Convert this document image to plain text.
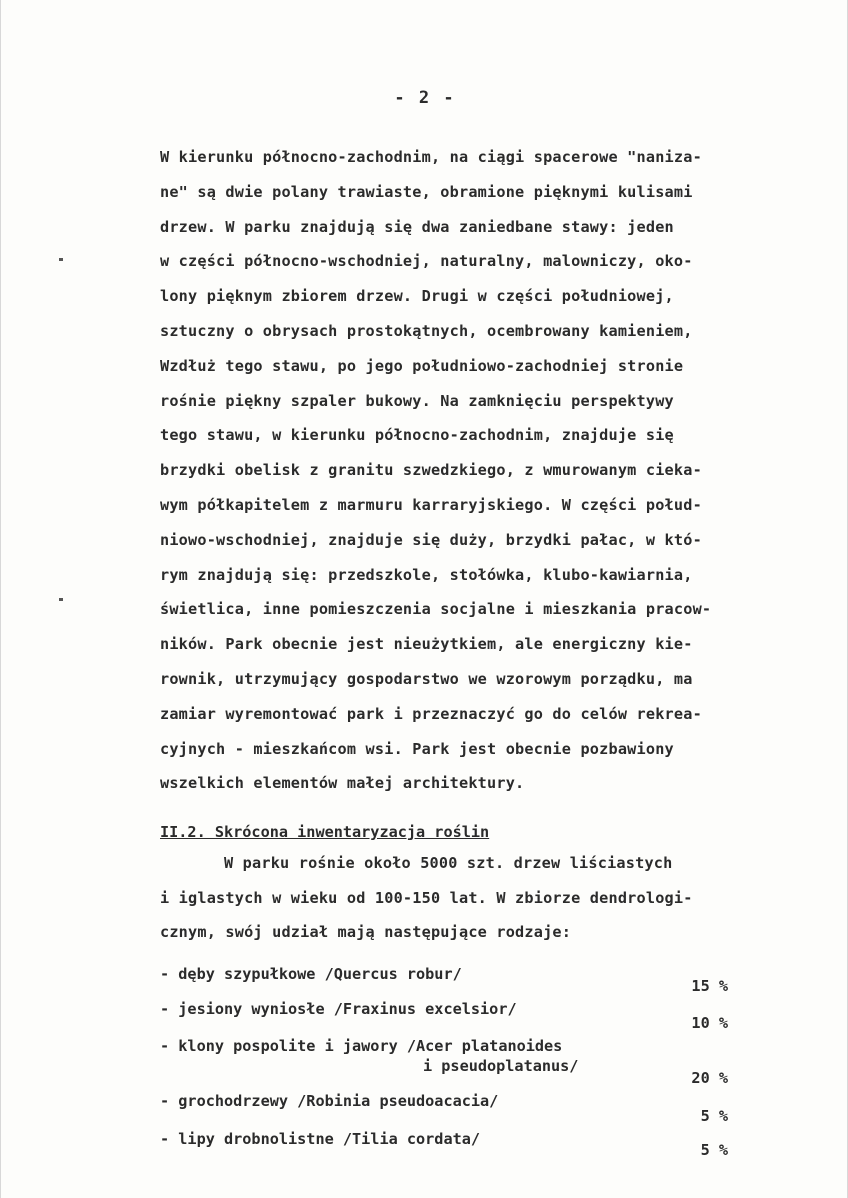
- 2 -
W kierunku północno-zachodnim, na ciągi spacerowe "naniza-
ne" są dwie polany trawiaste, obramione pięknymi kulisami
drzew. W parku znajdują się dwa zaniedbane stawy: jeden
w części północno-wschodniej, naturalny, malowniczy, oko-
lony pięknym zbiorem drzew. Drugi w części południowej,
sztuczny o obrysach prostokątnych, ocembrowany kamieniem,
Wzdłuż tego stawu, po jego południowo-zachodniej stronie
rośnie piękny szpaler bukowy. Na zamknięciu perspektywy
tego stawu, w kierunku północno-zachodnim, znajduje się
brzydki obelisk z granitu szwedzkiego, z wmurowanym cieka-
wym półkapitelem z marmuru karraryjskiego. W części połud-
niowo-wschodniej, znajduje się duży, brzydki pałac, w któ-
rym znajdują się: przedszkole, stołówka, klubo-kawiarnia,
świetlica, inne pomieszczenia socjalne i mieszkania pracow-
ników. Park obecnie jest nieużytkiem, ale energiczny kie-
rownik, utrzymujący gospodarstwo we wzorowym porządku, ma
zamiar wyremontować park i przeznaczyć go do celów rekrea-
cyjnych - mieszkańcom wsi. Park jest obecnie pozbawiony
wszelkich elementów małej architektury.
II.2. Skrócona inwentaryzacja roślin
W parku rośnie około 5000 szt. drzew liściastych
i iglastych w wieku od 100-150 lat. W zbiorze dendrologi-
cznym, swój udział mają następujące rodzaje:
- dęby szypułkowe /Quercus robur/
15 %
- jesiony wyniosłe /Fraxinus excelsior/
10 %
- klony pospolite i jawory /Acer platanoides
i pseudoplatanus/
20 %
- grochodrzewy /Robinia pseudoacacia/
5 %
- lipy drobnolistne /Tilia cordata/
5 %
